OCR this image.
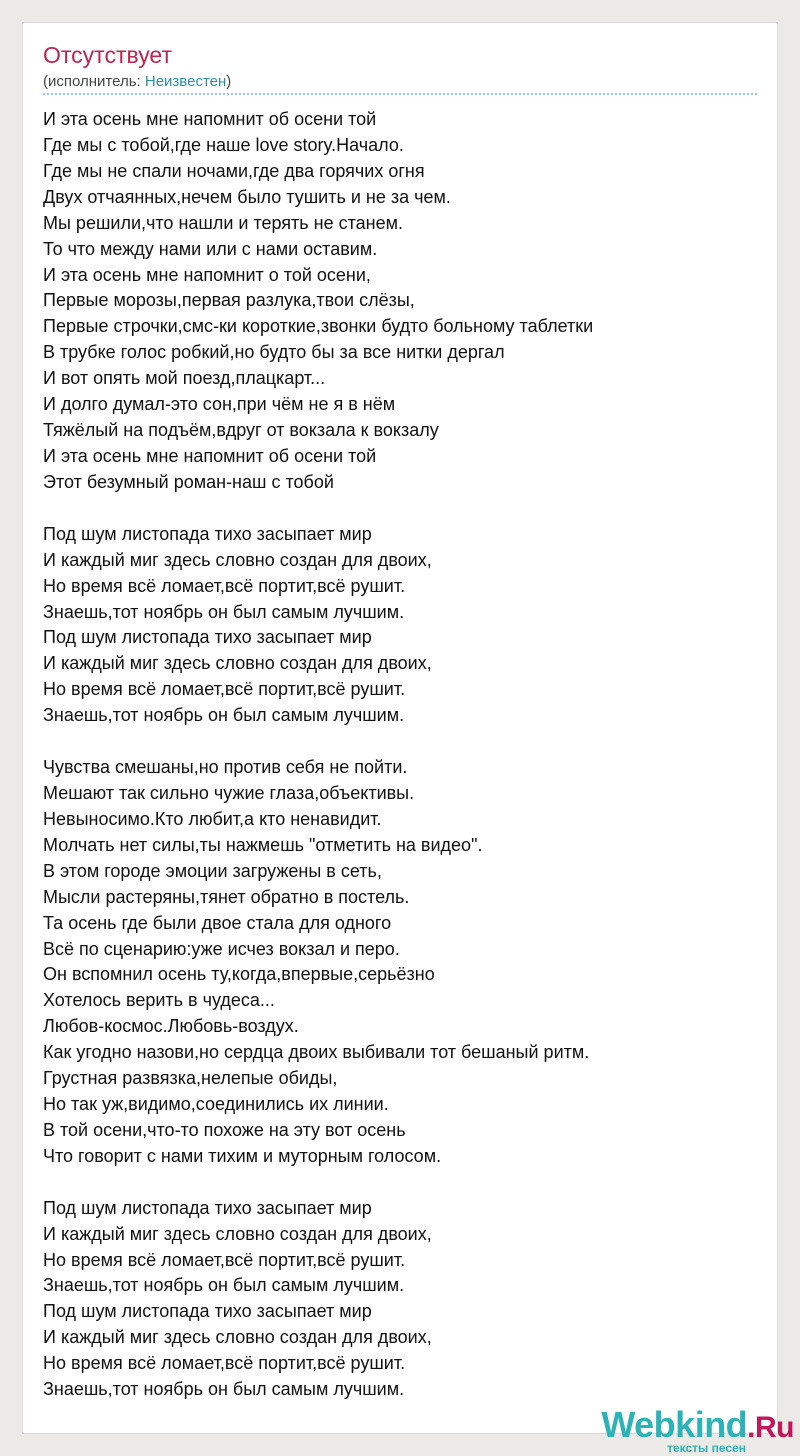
Отсутствует
(исполнитель: Неизвестен)
И эта осень мне напомнит об осени той
Где мы с тобой,где наше love story.Начало.
Где мы не спали ночами,где два горячих огня
Двух отчаянных,нечем было тушить и не за чем.
Мы решили,что нашли и терять не станем.
То что между нами или с нами оставим.
И эта осень мне напомнит о той осени,
Первые морозы,первая разлука,твои слёзы,
Первые строчки,смс-ки короткие,звонки будто больному таблетки
В трубке голос робкий,но будто бы за все нитки дергал
И вот опять мой поезд,плацкарт...
И долго думал-это сон,при чём не я в нём
Тяжёлый на подъём,вдруг от вокзала к вокзалу
И эта осень мне напомнит об осени той
Этот безумный роман-наш с тобой
Под шум листопада тихо засыпает мир
И каждый миг здесь словно создан для двоих,
Но время всё ломает,всё портит,всё рушит.
Знаешь,тот ноябрь он был самым лучшим.
Под шум листопада тихо засыпает мир
И каждый миг здесь словно создан для двоих,
Но время всё ломает,всё портит,всё рушит.
Знаешь,тот ноябрь он был самым лучшим.
Чувства смешаны,но против себя не пойти.
Мешают так сильно чужие глаза,объективы.
Невыносимо.Кто любит,а кто ненавидит.
Молчать нет силы,ты нажмешь "отметить на видео".
В этом городе эмоции загружены в сеть,
Мысли растеряны,тянет обратно в постель.
Та осень где были двое стала для одного
Всё по сценарию:уже исчез вокзал и перо.
Он вспомнил осень ту,когда,впервые,серьёзно
Хотелось верить в чудеса...
Любов-космос.Любовь-воздух.
Как угодно назови,но сердца двоих выбивали тот бешаный ритм.
Грустная развязка,нелепые обиды,
Но так уж,видимо,соединились их линии.
В той осени,что-то похоже на эту вот осень
Что говорит с нами тихим и муторным голосом.
Под шум листопада тихо засыпает мир
И каждый миг здесь словно создан для двоих,
Но время всё ломает,всё портит,всё рушит.
Знаешь,тот ноябрь он был самым лучшим.
Под шум листопада тихо засыпает мир
И каждый миг здесь словно создан для двоих,
Но время всё ломает,всё портит,всё рушит.
Знаешь,тот ноябрь он был самым лучшим.
Webkind.Ru
тексты песен
